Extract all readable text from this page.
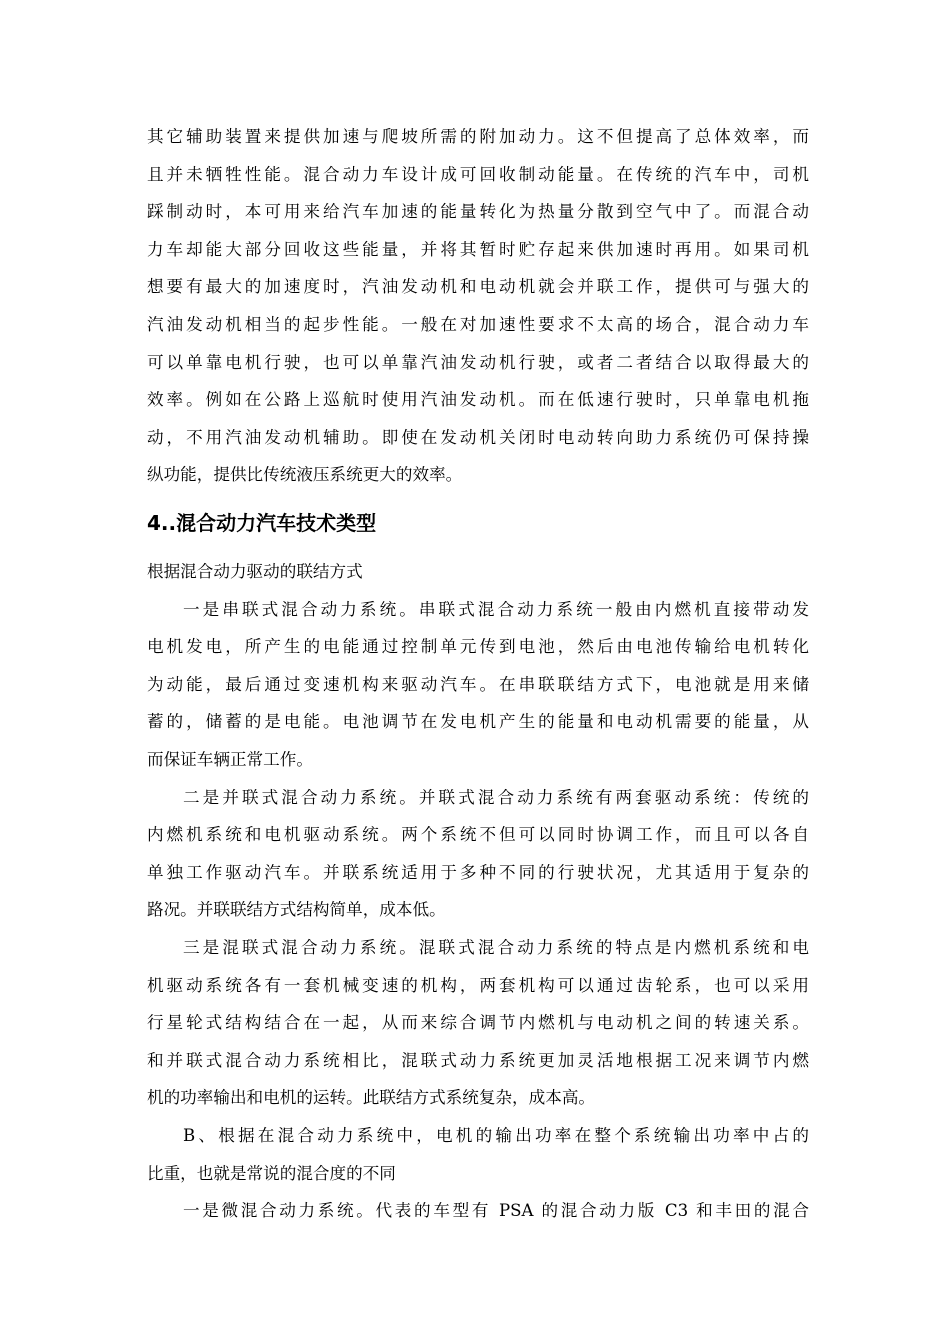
其它辅助装置来提供加速与爬坡所需的附加动力。这不但提高了总体效率，而
且并未牺牲性能。混合动力车设计成可回收制动能量。在传统的汽车中，司机
踩制动时，本可用来给汽车加速的能量转化为热量分散到空气中了。而混合动
力车却能大部分回收这些能量，并将其暂时贮存起来供加速时再用。如果司机
想要有最大的加速度时，汽油发动机和电动机就会并联工作，提供可与强大的
汽油发动机相当的起步性能。一般在对加速性要求不太高的场合，混合动力车
可以单靠电机行驶，也可以单靠汽油发动机行驶，或者二者结合以取得最大的
效率。例如在公路上巡航时使用汽油发动机。而在低速行驶时，只单靠电机拖
动，不用汽油发动机辅助。即使在发动机关闭时电动转向助力系统仍可保持操
纵功能，提供比传统液压系统更大的效率。
4..混合动力汽车技术类型
根据混合动力驱动的联结方式
一是串联式混合动力系统。串联式混合动力系统一般由内燃机直接带动发
电机发电，所产生的电能通过控制单元传到电池，然后由电池传输给电机转化
为动能，最后通过变速机构来驱动汽车。在串联联结方式下，电池就是用来储
蓄的，储蓄的是电能。电池调节在发电机产生的能量和电动机需要的能量，从
而保证车辆正常工作。
二是并联式混合动力系统。并联式混合动力系统有两套驱动系统：传统的
内燃机系统和电机驱动系统。两个系统不但可以同时协调工作，而且可以各自
单独工作驱动汽车。并联系统适用于多种不同的行驶状况，尤其适用于复杂的
路况。并联联结方式结构简单，成本低。
三是混联式混合动力系统。混联式混合动力系统的特点是内燃机系统和电
机驱动系统各有一套机械变速的机构，两套机构可以通过齿轮系，也可以采用
行星轮式结构结合在一起，从而来综合调节内燃机与电动机之间的转速关系。
和并联式混合动力系统相比，混联式动力系统更加灵活地根据工况来调节内燃
机的功率输出和电机的运转。此联结方式系统复杂，成本高。
B、根据在混合动力系统中，电机的输出功率在整个系统输出功率中占的
比重，也就是常说的混合度的不同
一是微混合动力系统。代表的车型有 PSA 的混合动力版 C3 和丰田的混合
